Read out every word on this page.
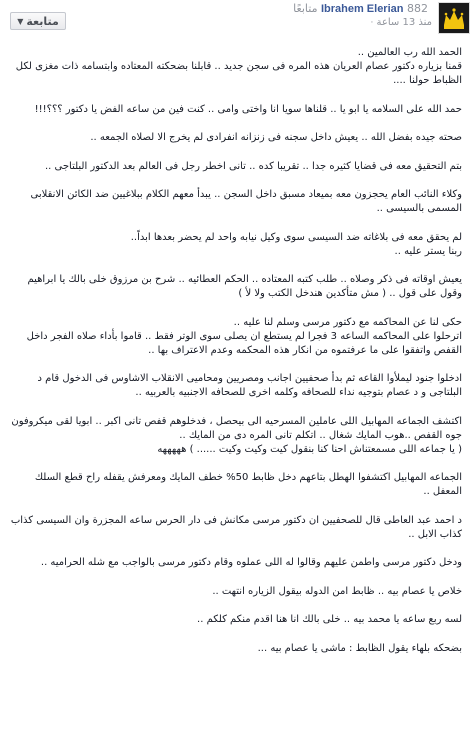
متابعة
▼
Ibrahem Elerian 882 متابعًا
منذ 13 ساعة ·

الحمد الله رب العالمين ..
قمنا بزياره دكتور عصام العريان هذه المره فى سجن جديد .. قابلنا بضحكته المعتاده وابتسامه ذات مغزى لكل الظباط حولنا ....

حمد الله على السلامه يا ابو يا .. قلناها سويا انا واختى وامى .. كنت فين من ساعه الفض يا دكتور ؟؟؟!!!

صحته جيده بفضل الله .. يعيش داخل سجنه فى زنزانه انفرادى لم يخرج الا لصلاه الجمعه ..

بتم التحقيق معه فى قضايا كثيره جدا .. تقريبا كده .. تانى اخطر رجل فى العالم بعد الدكتور البلتاجى ..

وكلاء النائب العام يحجزون معه بميعاد مسبق داخل السجن .. يبدأ معهم الكلام ببلاغيين ضد الكائن الانقلابى المسمى بالسيسى ..

لم يحقق معه فى بلاغاته ضد السيسى سوى وكيل نيابه واحد لم يحضر بعدها ابداً..
ربنا يستر عليه ..

يعيش اوقاته فى ذكر وصلاه .. طلب كتبه المعتاده .. الحكم العطائيه .. شرح بن مرزوق خلى بالك يا ابراهيم وقول على قول .. ( مش متأكدين هندخل الكتب ولا لأ )

حكى لنا عن المحاكمه مع دكتور مرسى وسلم لنا عليه ..
اترحلوا على المحاكمه الساعه 3 فجرا لم يستطع ان يصلى سوى الوتر فقط .. قاموا بأداء صلاه الفجر داخل القفص واتفقوا على ما عرفتموه من انكار هذه المحكمه وعدم الاعتراف بها ..

ادخلوا جنود ليملأوا القاعه ثم بدأ صحفيين اجانب ومصريين ومحاميى الانقلاب الاشاوس فى الدخول قام د البلتاجى و د عصام بتوجيه نداء للصحافه وكلمه اخرى للصحافه الاجنبيه بالعربيه ..

اكتشف الجماعه المهابيل اللى عاملين المسرحيه الى بيحصل ، فدخلوهم قفص تانى اكبر .. ابويا لقى ميكروفون جوه القفص ..هوب المايك شغال .. اتكلم تانى المره دى من المايك ..
( يا جماعه اللى مسمعتناش احنا كنا بنقول كيت وكيت وكيت ...... ) هههههه

الجماعه المهابيل اكتشفوا الهطل بتاعهم دخل ظابط 50% خطف المايك ومعرفش يقفله راح قطع السلك المعفل ..

د احمد عبد العاطى قال للصحفيين ان دكتور مرسى مكانش فى دار الحرس ساعه المجزرة وان السيسى كذاب كذاب الابل ..

ودخل دكتور مرسى واطمن عليهم وقالوا له اللى عملوه وقام دكتور مرسى بالواجب مع شله الحراميه ..

خلاص يا عصام بيه .. ظابط امن الدوله بيقول الزياره انتهت ..

لسه ربع ساعه يا محمد بيه .. خلى بالك انا هنا اقدم منكم كلكم ..

بضحكه بلهاء يقول الظابط : ماشى يا عصام بيه ...
